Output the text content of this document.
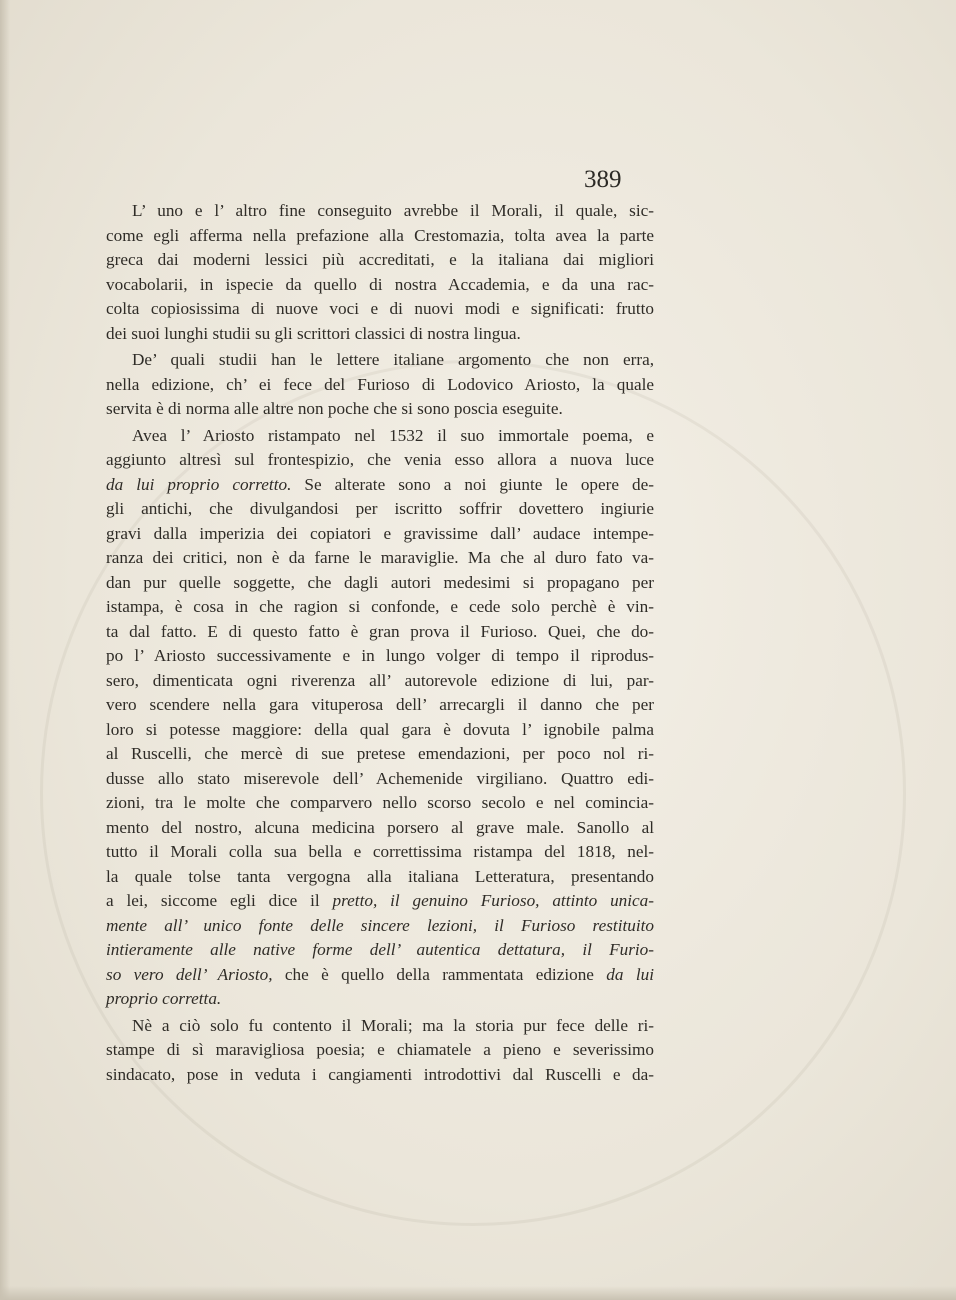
389
L’ uno e l’ altro fine conseguito avrebbe il Morali, il quale, sic-
come egli afferma nella prefazione alla Crestomazia, tolta avea la parte
greca dai moderni lessici più accreditati, e la italiana dai migliori
vocabolarii, in ispecie da quello di nostra Accademia, e da una rac-
colta copiosissima di nuove voci e di nuovi modi e significati: frutto
dei suoi lunghi studii su gli scrittori classici di nostra lingua.
De’ quali studii han le lettere italiane argomento che non erra,
nella edizione, ch’ ei fece del Furioso di Lodovico Ariosto, la quale
servita è di norma alle altre non poche che si sono poscia eseguite.
Avea l’ Ariosto ristampato nel 1532 il suo immortale poema, e
aggiunto altresì sul frontespizio, che venia esso allora a nuova luce
da lui proprio corretto. Se alterate sono a noi giunte le opere de-
gli antichi, che divulgandosi per iscritto soffrir dovettero ingiurie
gravi dalla imperizia dei copiatori e gravissime dall’ audace intempe-
ranza dei critici, non è da farne le maraviglie. Ma che al duro fato va-
dan pur quelle soggette, che dagli autori medesimi si propagano per
istampa, è cosa in che ragion si confonde, e cede solo perchè è vin-
ta dal fatto. E di questo fatto è gran prova il Furioso. Quei, che do-
po l’ Ariosto successivamente e in lungo volger di tempo il riprodus-
sero, dimenticata ogni riverenza all’ autorevole edizione di lui, par-
vero scendere nella gara vituperosa dell’ arrecargli il danno che per
loro si potesse maggiore: della qual gara è dovuta l’ ignobile palma
al Ruscelli, che mercè di sue pretese emendazioni, per poco nol ri-
dusse allo stato miserevole dell’ Achemenide virgiliano. Quattro edi-
zioni, tra le molte che comparvero nello scorso secolo e nel comincia-
mento del nostro, alcuna medicina porsero al grave male. Sanollo al
tutto il Morali colla sua bella e correttissima ristampa del 1818, nel-
la quale tolse tanta vergogna alla italiana Letteratura, presentando
a lei, siccome egli dice il pretto, il genuino Furioso, attinto unica-
mente all’ unico fonte delle sincere lezioni, il Furioso restituito
intieramente alle native forme dell’ autentica dettatura, il Furio-
so vero dell’ Ariosto, che è quello della rammentata edizione da lui
proprio corretta.
Nè a ciò solo fu contento il Morali; ma la storia pur fece delle ri-
stampe di sì maravigliosa poesia; e chiamatele a pieno e severissimo
sindacato, pose in veduta i cangiamenti introdottivi dal Ruscelli e da-
